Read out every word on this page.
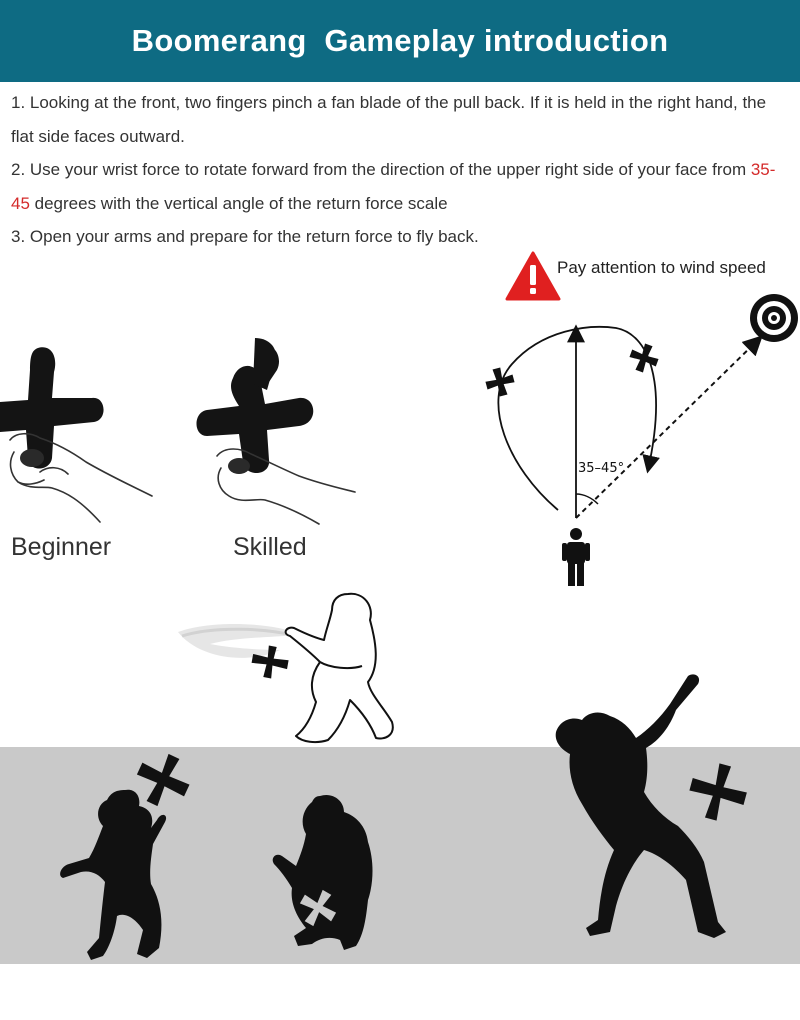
Boomerang  Gameplay introduction

1. Looking at the front, two fingers pinch a fan blade of the pull back. If it is held in the right hand, the flat side faces outward.

2. Use your wrist force to rotate forward from the direction of the upper right side of your face from 35-45 degrees with the vertical angle of the return force scale

3. Open your arms and prepare for the return force to fly back.

Pay attention to wind speed
Beginner	Skilled
35–45°
